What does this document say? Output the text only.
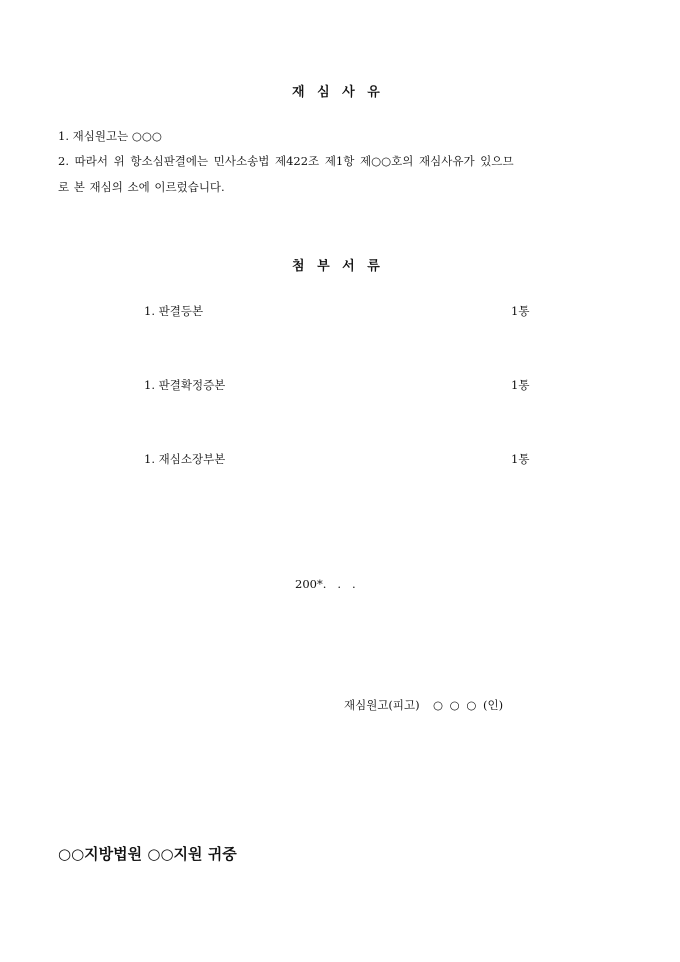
재 심 사 유
1. 재심원고는 ○○○
2. 따라서 위 항소심판결에는 민사소송법 제422조 제1항 제○○호의 재심사유가 있으므
로 본 재심의 소에 이르렀습니다.
첨 부 서 류
1. 판결등본	1통
1. 판결확정증본	1통
1. 재심소장부본	1통
200*.   .   .
재심원고(피고)  ○ ○ ○ (인)
○○지방법원 ○○지원 귀중
